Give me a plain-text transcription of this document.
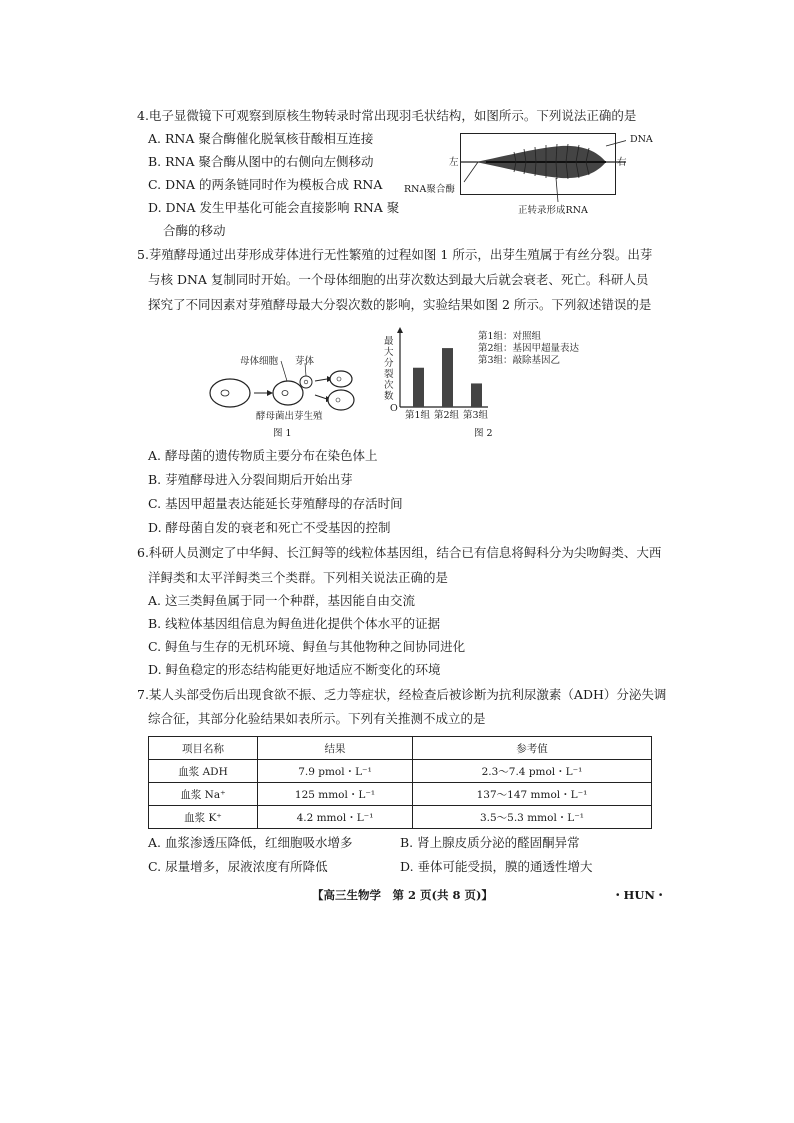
4.电子显微镜下可观察到原核生物转录时常出现羽毛状结构，如图所示。下列说法正确的是
A. RNA 聚合酶催化脱氧核苷酸相互连接
B. RNA 聚合酶从图中的右侧向左侧移动
C. DNA 的两条链同时作为模板合成 RNA
D. DNA 发生甲基化可能会直接影响 RNA 聚
合酶的移动
DNA
左	右
RNA聚合酶
正转录形成RNA
5.芽殖酵母通过出芽形成芽体进行无性繁殖的过程如图 1 所示，出芽生殖属于有丝分裂。出芽
与核 DNA 复制同时开始。一个母体细胞的出芽次数达到最大后就会衰老、死亡。科研人员
探究了不同因素对芽殖酵母最大分裂次数的影响，实验结果如图 2 所示。下列叙述错误的是
母体细胞 芽体
酵母菌出芽生殖
图 1
最大分裂次数
O
第1组 第2组 第3组
第1组：对照组
第2组：基因甲超量表达
第3组：敲除基因乙
图 2
A. 酵母菌的遗传物质主要分布在染色体上
B. 芽殖酵母进入分裂间期后开始出芽
C. 基因甲超量表达能延长芽殖酵母的存活时间
D. 酵母菌自发的衰老和死亡不受基因的控制
6.科研人员测定了中华鲟、长江鲟等的线粒体基因组，结合已有信息将鲟科分为尖吻鲟类、大西
洋鲟类和太平洋鲟类三个类群。下列相关说法正确的是
A. 这三类鲟鱼属于同一个种群，基因能自由交流
B. 线粒体基因组信息为鲟鱼进化提供个体水平的证据
C. 鲟鱼与生存的无机环境、鲟鱼与其他物种之间协同进化
D. 鲟鱼稳定的形态结构能更好地适应不断变化的环境
7.某人头部受伤后出现食欲不振、乏力等症状，经检查后被诊断为抗利尿激素（ADH）分泌失调
综合征，其部分化验结果如表所示。下列有关推测不成立的是
项目名称	结果	参考值
血浆 ADH	7.9 pmol・L⁻¹	2.3～7.4 pmol・L⁻¹
血浆 Na⁺	125 mmol・L⁻¹	137～147 mmol・L⁻¹
血浆 K⁺	4.2 mmol・L⁻¹	3.5～5.3 mmol・L⁻¹
A. 血浆渗透压降低，红细胞吸水增多	B. 肾上腺皮质分泌的醛固酮异常
C. 尿量增多，尿液浓度有所降低	D. 垂体可能受损，膜的通透性增大
【高三生物学　第 2 页(共 8 页)】	・HUN・
